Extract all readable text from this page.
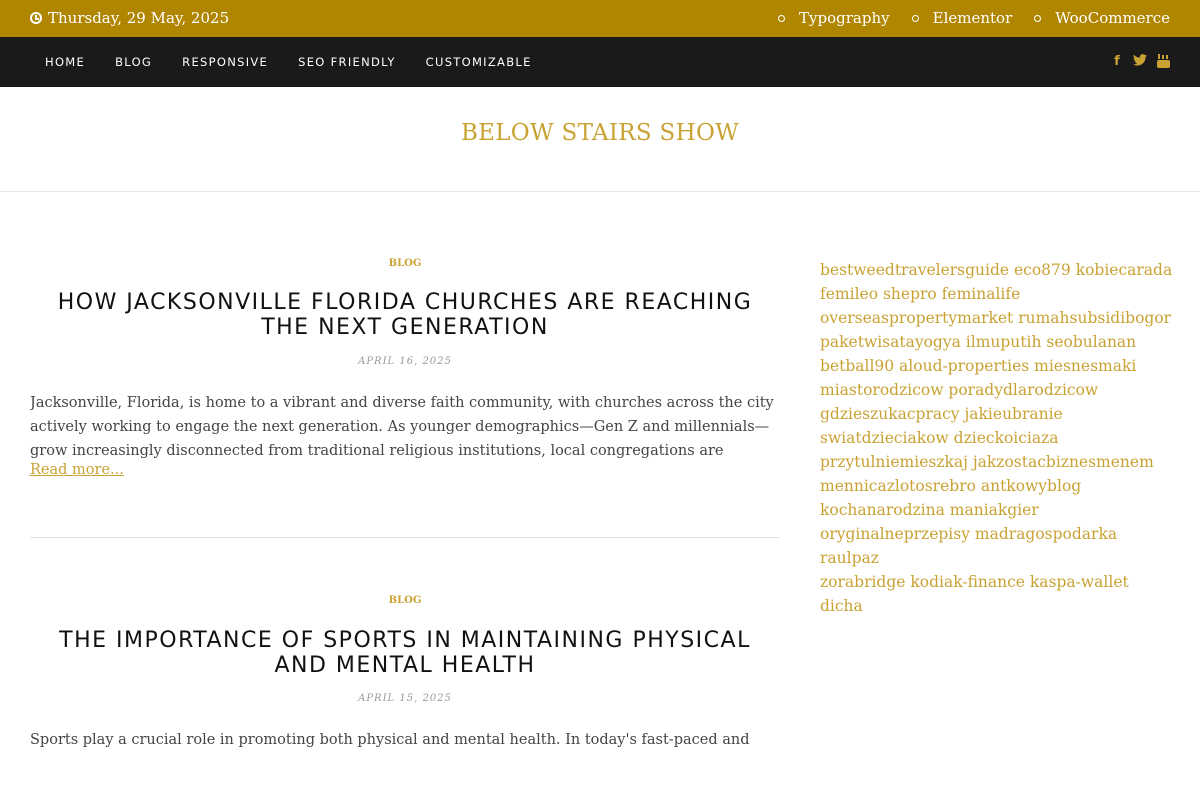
Thursday, 29 May, 2025	Typography	Elementor	WooCommerce
HOME	BLOG	RESPONSIVE	SEO FRIENDLY	CUSTOMIZABLE	f
BELOW STAIRS SHOW
BLOG
HOW JACKSONVILLE FLORIDA CHURCHES ARE REACHING THE NEXT GENERATION
APRIL 16, 2025
Jacksonville, Florida, is home to a vibrant and diverse faith community, with churches across the city actively working to engage the next generation. As younger demographics—Gen Z and millennials—grow increasingly disconnected from traditional religious institutions, local congregations are
Read more...
BLOG
THE IMPORTANCE OF SPORTS IN MAINTAINING PHYSICAL AND MENTAL HEALTH
APRIL 15, 2025
Sports play a crucial role in promoting both physical and mental health. In today's fast-paced and
bestweedtravelersguide eco879 kobiecarada
femileo shepro feminalife
overseaspropertymarket rumahsubsidibogor
paketwisatayogya ilmuputih seobulanan
betball90 aloud-properties miesnesmaki
miastorodzicow poradydlarodzicow
gdzieszukacpracy jakieubranie
swiatdzieciakow dzieckoiciaza
przytulniemieszkaj jakzostacbiznesmenem
mennicazlotosrebro antkowyblog
kochanarodzina maniakgier
oryginalneprzepisy madragospodarka raulpaz
zorabridge kodiak-finance kaspa-wallet dicha
